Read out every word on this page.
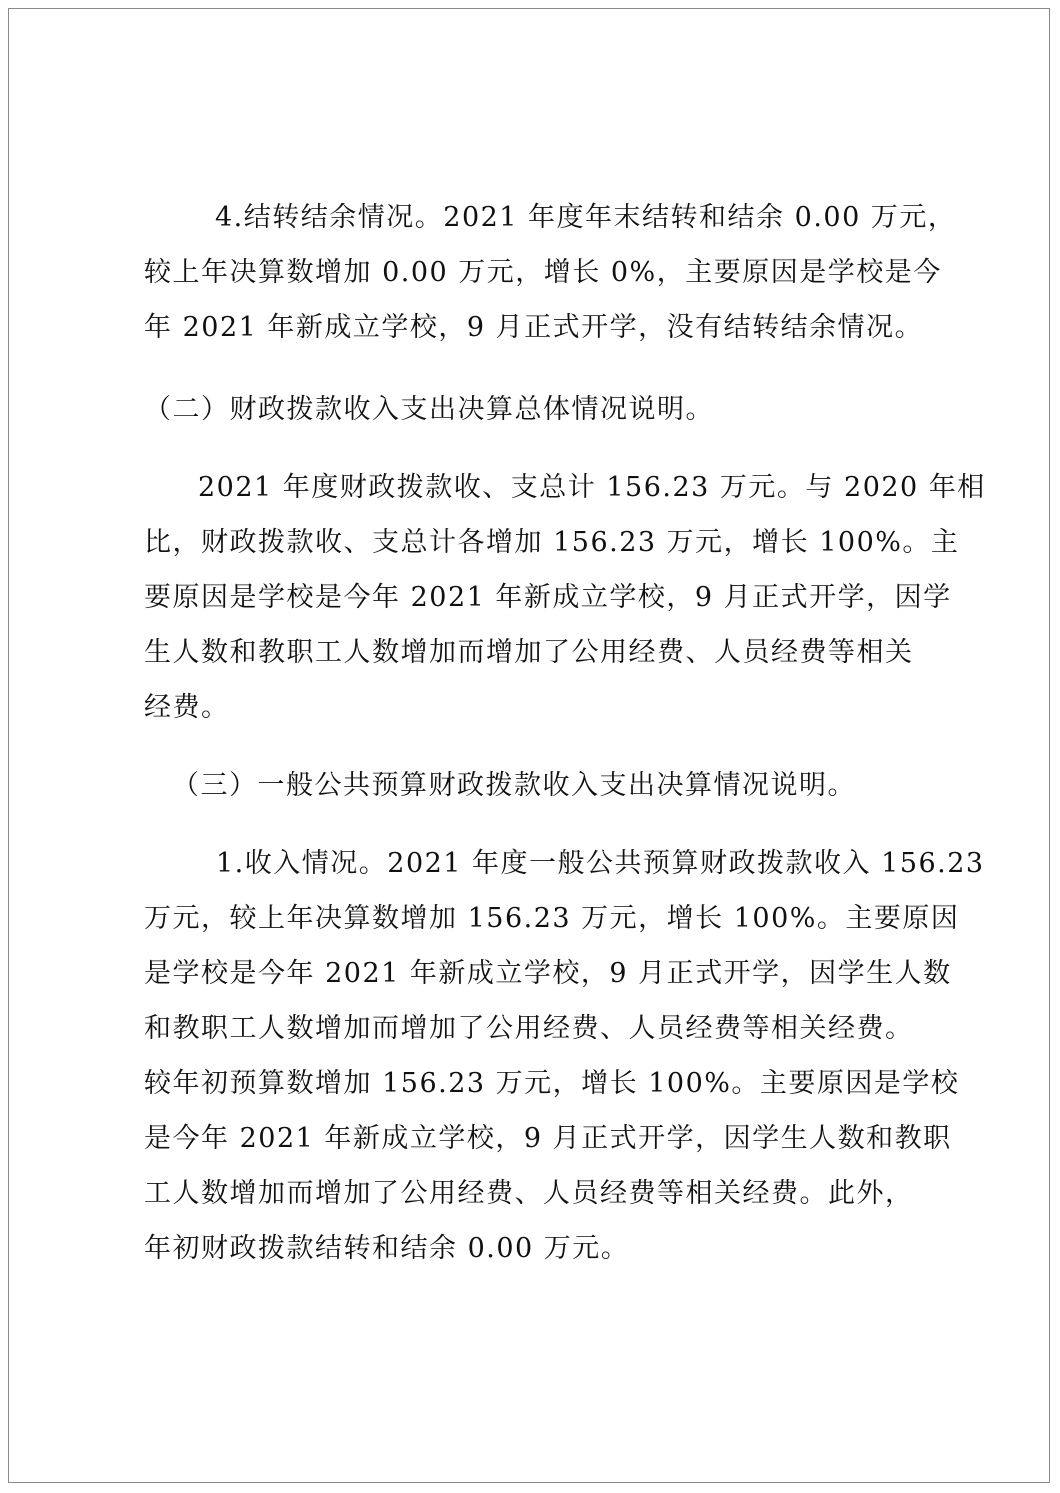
4.结转结余情况。2021 年度年末结转和结余 0.00 万元，
较上年决算数增加 0.00 万元，增长 0%，主要原因是学校是今
年 2021 年新成立学校，9 月正式开学，没有结转结余情况。
（二）财政拨款收入支出决算总体情况说明。
2021 年度财政拨款收、支总计 156.23 万元。与 2020 年相
比，财政拨款收、支总计各增加 156.23 万元，增长 100%。主
要原因是学校是今年 2021 年新成立学校，9 月正式开学，因学
生人数和教职工人数增加而增加了公用经费、人员经费等相关
经费。
（三）一般公共预算财政拨款收入支出决算情况说明。
1.收入情况。2021 年度一般公共预算财政拨款收入 156.23
万元，较上年决算数增加 156.23 万元，增长 100%。主要原因
是学校是今年 2021 年新成立学校，9 月正式开学，因学生人数
和教职工人数增加而增加了公用经费、人员经费等相关经费。
较年初预算数增加 156.23 万元，增长 100%。主要原因是学校
是今年 2021 年新成立学校，9 月正式开学，因学生人数和教职
工人数增加而增加了公用经费、人员经费等相关经费。此外，
年初财政拨款结转和结余 0.00 万元。
